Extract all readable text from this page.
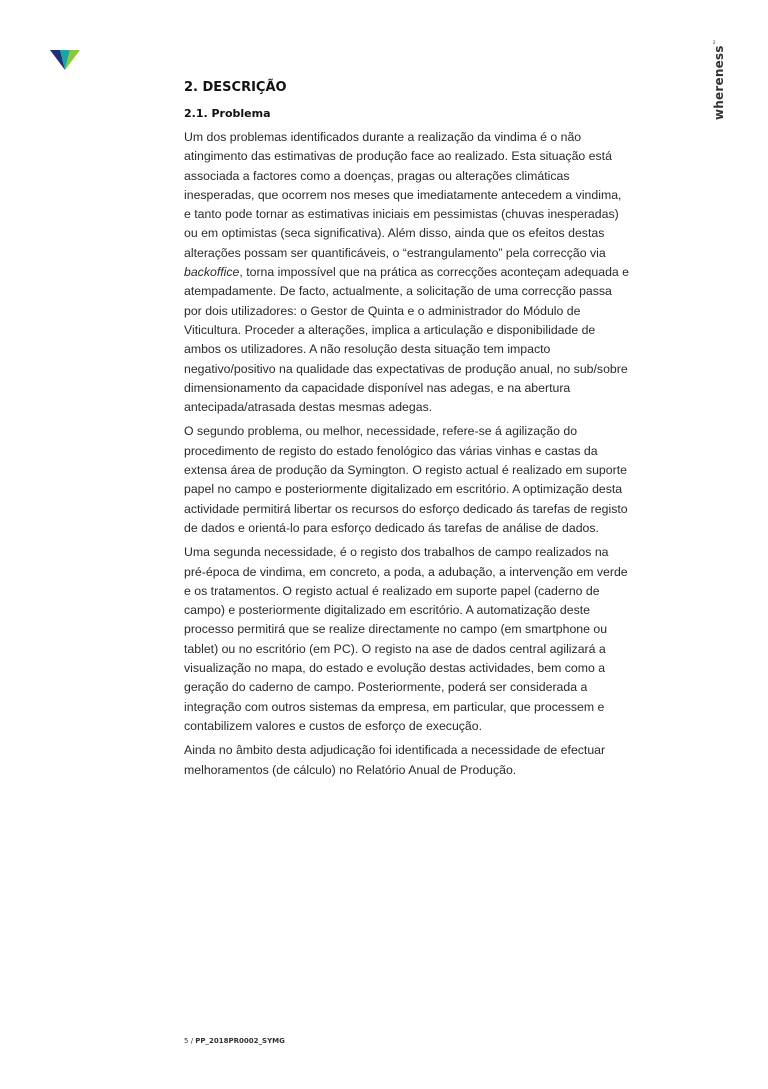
whereness™
2. DESCRIÇÃO
2.1. Problema

Um dos problemas identificados durante a realização da vindima é o não atingimento das estimativas de produção face ao realizado. Esta situação está associada a factores como a doenças, pragas ou alterações climáticas inesperadas, que ocorrem nos meses que imediatamente antecedem a vindima, e tanto pode tornar as estimativas iniciais em pessimistas (chuvas inesperadas) ou em optimistas (seca significativa). Além disso, ainda que os efeitos destas alterações possam ser quantificáveis, o “estrangulamento” pela correcção via backoffice, torna impossível que na prática as correcções aconteçam adequada e atempadamente. De facto, actualmente, a solicitação de uma correcção passa por dois utilizadores: o Gestor de Quinta e o administrador do Módulo de Viticultura. Proceder a alterações, implica a articulação e disponibilidade de ambos os utilizadores. A não resolução desta situação tem impacto negativo/positivo na qualidade das expectativas de produção anual, no sub/sobre dimensionamento da capacidade disponível nas adegas, e na abertura antecipada/atrasada destas mesmas adegas.

O segundo problema, ou melhor, necessidade, refere-se á agilização do procedimento de registo do estado fenológico das várias vinhas e castas da extensa área de produção da Symington. O registo actual é realizado em suporte papel no campo e posteriormente digitalizado em escritório. A optimização desta actividade permitirá libertar os recursos do esforço dedicado ás tarefas de registo de dados e orientá-lo para esforço dedicado ás tarefas de análise de dados.

Uma segunda necessidade, é o registo dos trabalhos de campo realizados na pré-época de vindima, em concreto, a poda, a adubação, a intervenção em verde e os tratamentos. O registo actual é realizado em suporte papel (caderno de campo) e posteriormente digitalizado em escritório. A automatização deste processo permitirá que se realize directamente no campo (em smartphone ou tablet) ou no escritório (em PC). O registo na ase de dados central agilizará a visualização no mapa, do estado e evolução destas actividades, bem como a geração do caderno de campo. Posteriormente, poderá ser considerada a integração com outros sistemas da empresa, em particular, que processem e contabilizem valores e custos de esforço de execução.

Ainda no âmbito desta adjudicação foi identificada a necessidade de efectuar melhoramentos (de cálculo) no Relatório Anual de Produção.

5 / PP_2018PR0002_SYMG
